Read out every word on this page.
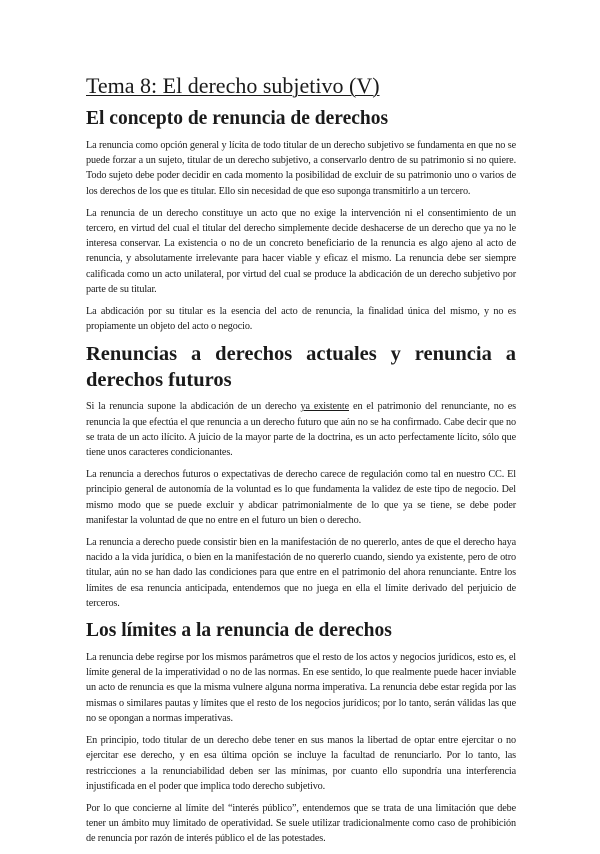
Tema 8: El derecho subjetivo (V)
El concepto de renuncia de derechos

La renuncia como opción general y lícita de todo titular de un derecho subjetivo se fundamenta en que no se puede forzar a un sujeto, titular de un derecho subjetivo, a conservarlo dentro de su patrimonio si no quiere. Todo sujeto debe poder decidir en cada momento la posibilidad de excluir de su patrimonio uno o varios de los derechos de los que es titular. Ello sin necesidad de que eso suponga transmitirlo a un tercero.

La renuncia de un derecho constituye un acto que no exige la intervención ni el consentimiento de un tercero, en virtud del cual el titular del derecho simplemente decide deshacerse de un derecho que ya no le interesa conservar. La existencia o no de un concreto beneficiario de la renuncia es algo ajeno al acto de renuncia, y absolutamente irrelevante para hacer viable y eficaz el mismo. La renuncia debe ser siempre calificada como un acto unilateral, por virtud del cual se produce la abdicación de un derecho subjetivo por parte de su titular.

La abdicación por su titular es la esencia del acto de renuncia, la finalidad única del mismo, y no es propiamente un objeto del acto o negocio.

Renuncias a derechos actuales y renuncia a derechos futuros

Si la renuncia supone la abdicación de un derecho ya existente en el patrimonio del renunciante, no es renuncia la que efectúa el que renuncia a un derecho futuro que aún no se ha confirmado. Cabe decir que no se trata de un acto ilícito. A juicio de la mayor parte de la doctrina, es un acto perfectamente lícito, sólo que tiene unos caracteres condicionantes.

La renuncia a derechos futuros o expectativas de derecho carece de regulación como tal en nuestro CC. El principio general de autonomía de la voluntad es lo que fundamenta la validez de este tipo de negocio. Del mismo modo que se puede excluir y abdicar patrimonialmente de lo que ya se tiene, se debe poder manifestar la voluntad de que no entre en el futuro un bien o derecho.

La renuncia a derecho puede consistir bien en la manifestación de no quererlo, antes de que el derecho haya nacido a la vida jurídica, o bien en la manifestación de no quererlo cuando, siendo ya existente, pero de otro titular, aún no se han dado las condiciones para que entre en el patrimonio del ahora renunciante. Entre los límites de esa renuncia anticipada, entendemos que no juega en ella el límite derivado del perjuicio de terceros.

Los límites a la renuncia de derechos

La renuncia debe regirse por los mismos parámetros que el resto de los actos y negocios jurídicos, esto es, el límite general de la imperatividad o no de las normas. En ese sentido, lo que realmente puede hacer inviable un acto de renuncia es que la misma vulnere alguna norma imperativa. La renuncia debe estar regida por las mismas o similares pautas y límites que el resto de los negocios jurídicos; por lo tanto, serán válidas las que no se opongan a normas imperativas.

En principio, todo titular de un derecho debe tener en sus manos la libertad de optar entre ejercitar o no ejercitar ese derecho, y en esa última opción se incluye la facultad de renunciarlo. Por lo tanto, las restricciones a la renunciabilidad deben ser las mínimas, por cuanto ello supondría una interferencia injustificada en el poder que implica todo derecho subjetivo.

Por lo que concierne al límite del “interés público”, entendemos que se trata de una limitación que debe tener un ámbito muy limitado de operatividad. Se suele utilizar tradicionalmente como caso de prohibición de renuncia por razón de interés público el de las potestades.
